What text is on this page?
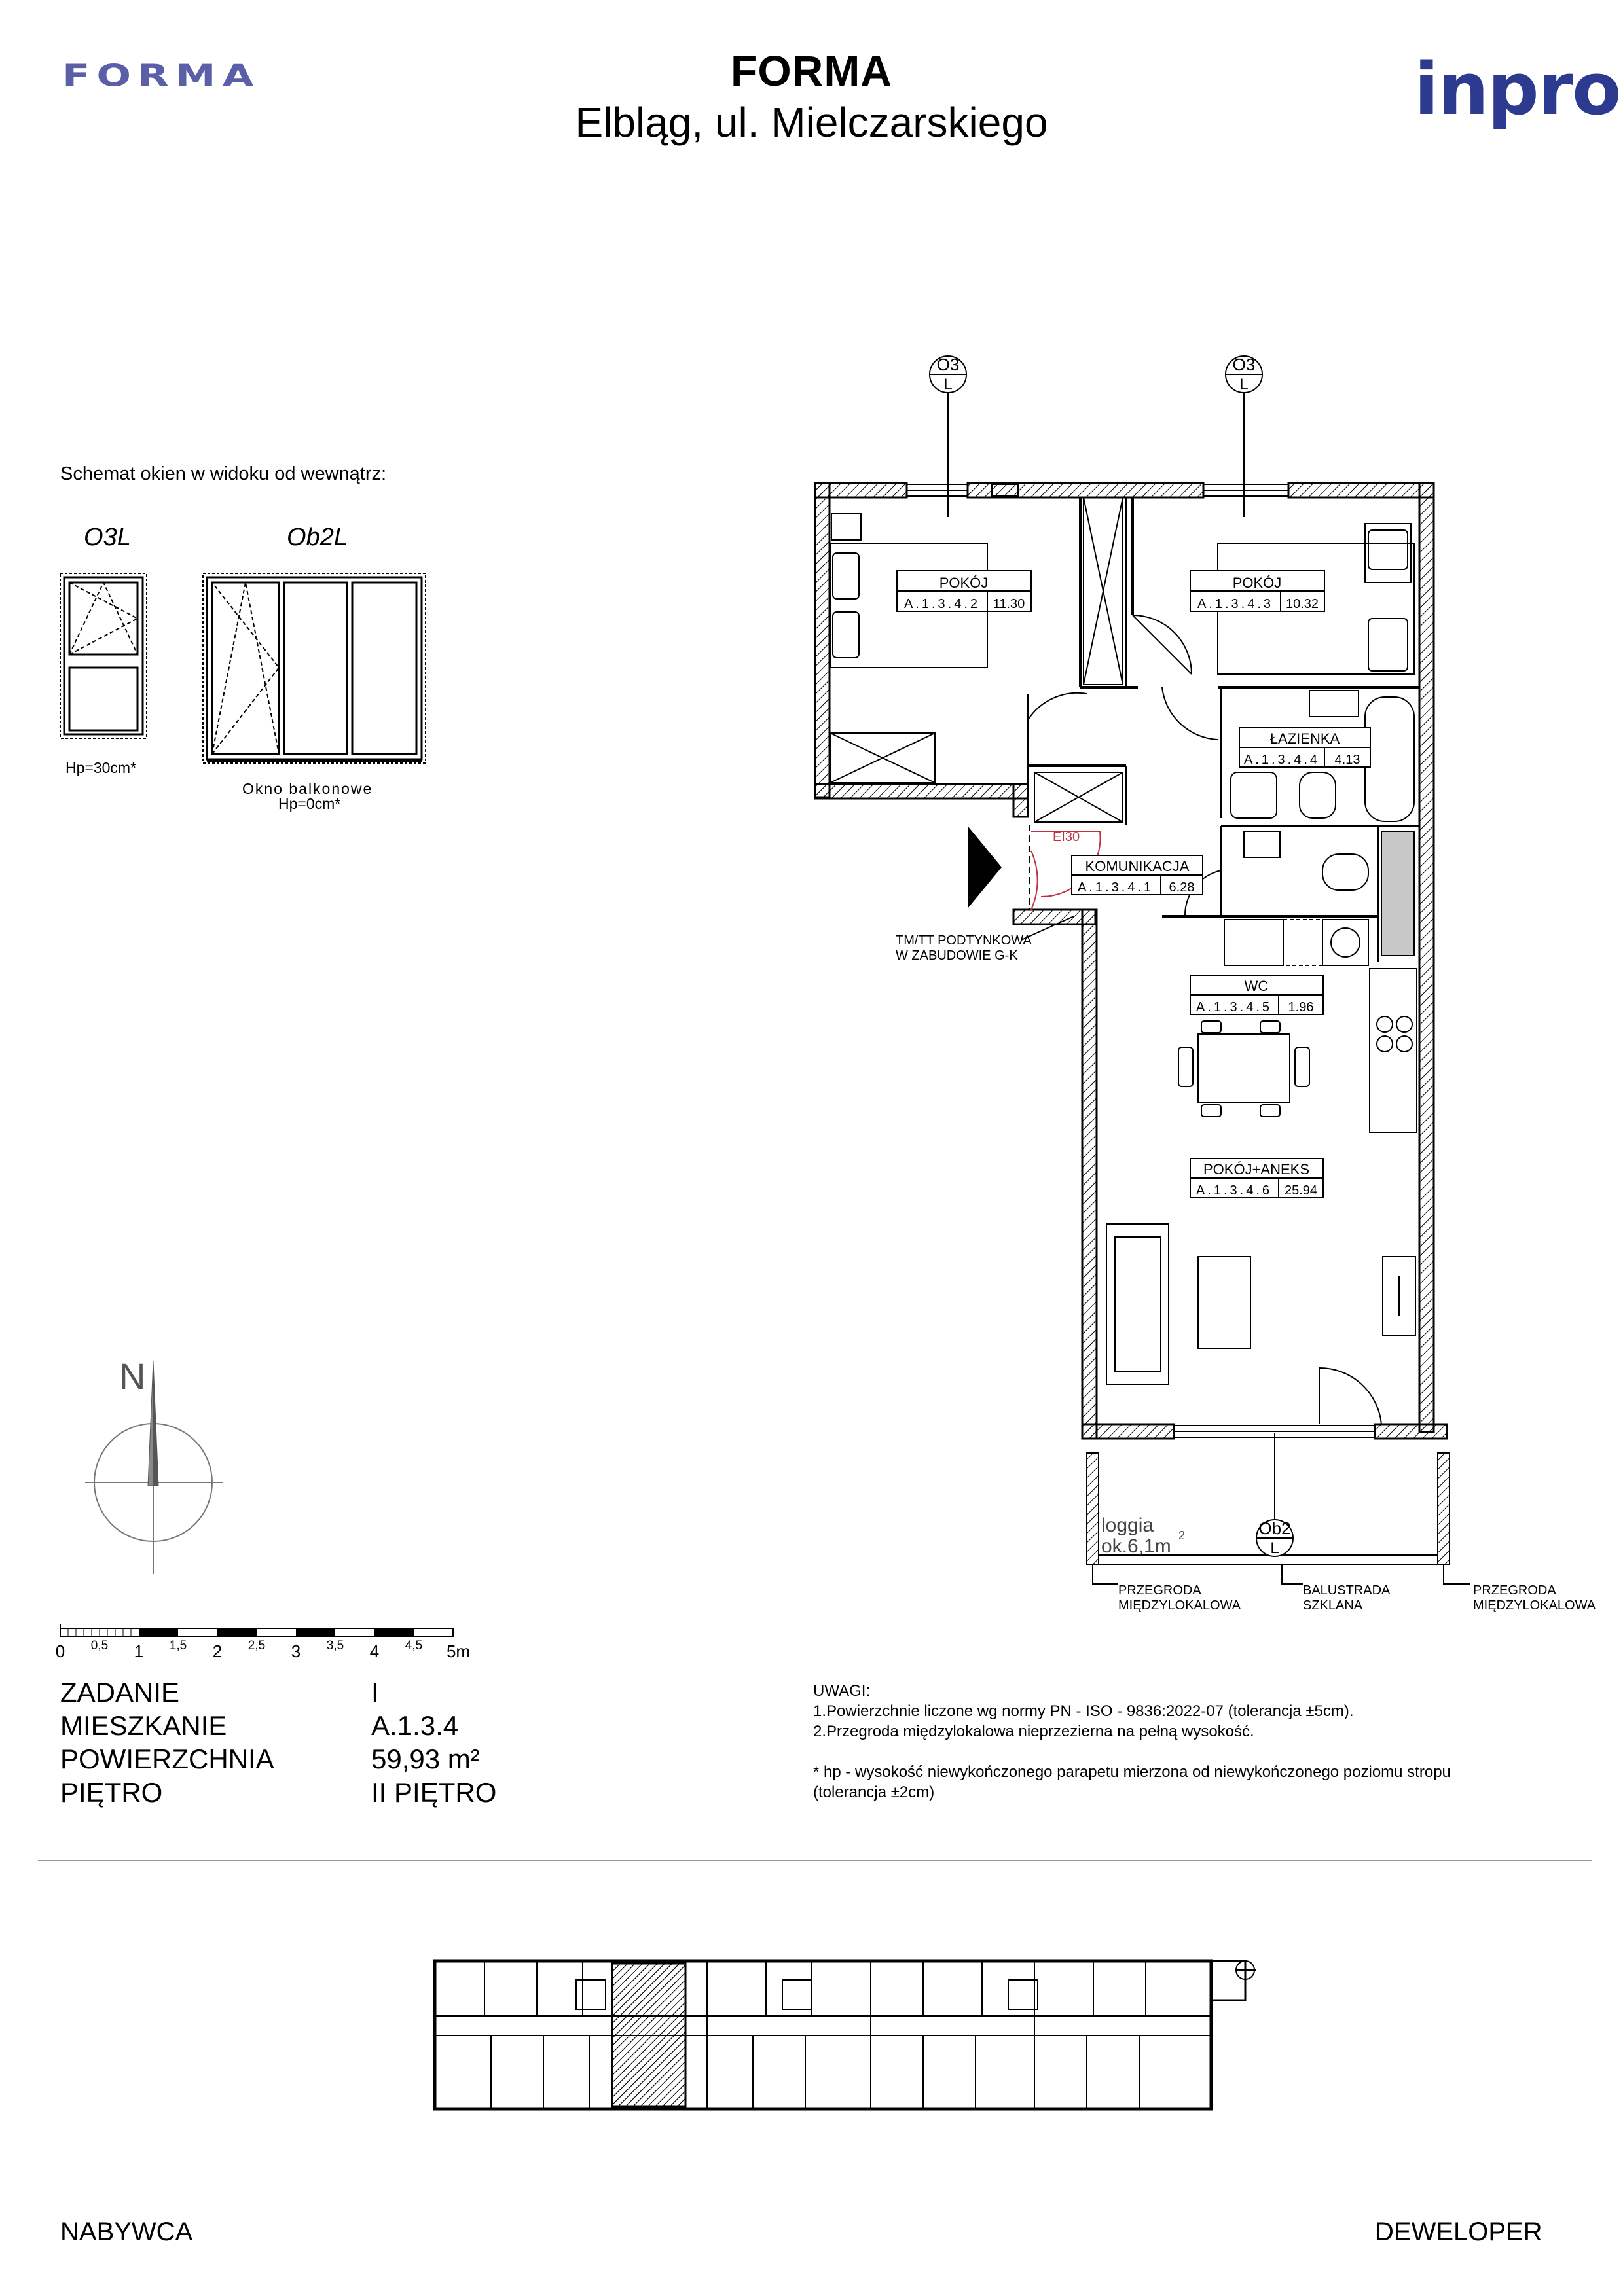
FORMA	FORMA
Elbląg, ul. Mielczarskiego	inpro
Schemat okien w widoku od wewnątrz:
O3L	Ob2L
Hp=30cm*
Okno balkonowe
Hp=0cm*
O3
L
O3
L
POKÓJ
A.1.3.4.2 11.30
POKÓJ
A.1.3.4.3 10.32
ŁAZIENKA
A.1.3.4.4 4.13
KOMUNIKACJA
A.1.3.4.1 6.28
WC
A.1.3.4.5 1.96
POKÓJ+ANEKS
A.1.3.4.6 25.94
EI30
TM/TT PODTYNKOWA
W ZABUDOWIE G-K
loggia
ok.6,1m 2	Ob2
L
PRZEGRODA
MIĘDZYLOKALOWA
BALUSTRADA
SZKLANA
PRZEGRODA
MIĘDZYLOKALOWA
N
0	1	2	3	4	5m
0,5	1,5	2,5	3,5	4,5
ZADANIE	I
MIESZKANIE	A.1.3.4
POWIERZCHNIA	59,93 m²
PIĘTRO	II PIĘTRO
UWAGI:
1.Powierzchnie liczone wg normy PN - ISO - 9836:2022-07 (tolerancja ±5cm).
2.Przegroda międzylokalowa nieprzezierna na pełną wysokość.
* hp - wysokość niewykończonego parapetu mierzona od niewykończonego poziomu stropu
(tolerancja ±2cm)
NABYWCA	DEWELOPER
